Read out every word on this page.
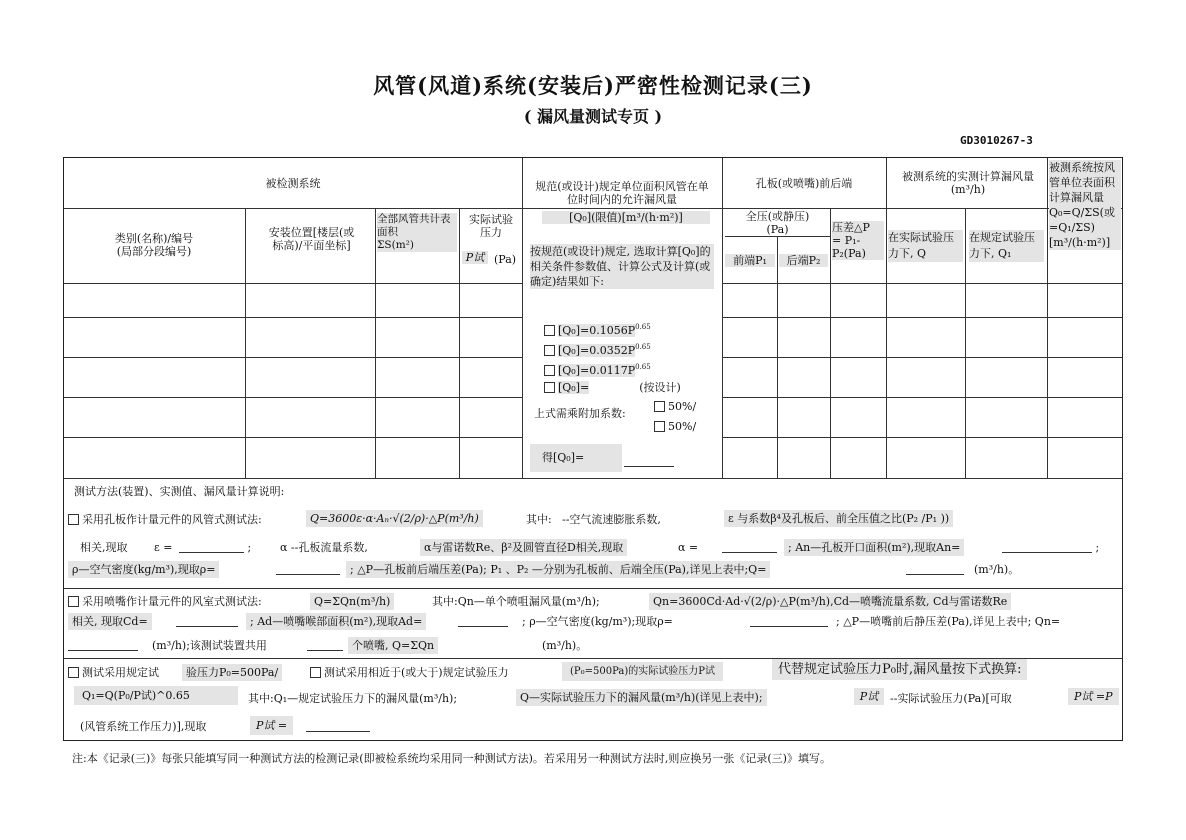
风管(风道)系统(安装后)严密性检测记录(三)
( 漏风量测试专页 )
GD3010267-3
被检测系统
类别(名称)/编号
(局部分段编号)
安装位置[楼层(或标高)/平面坐标]
全部风管共计表面积
ΣS(m²)
实际试验压力
P试 (Pa)
规范(或设计)规定单位面积风管在单位时间内的允许漏风量
[Q₀](限值)[m³/(h·m²)]
按规范(或设计)规定, 选取计算[Q₀]的相关条件参数值、计算公式及计算(或确定)结果如下:
$[Q_0]=0.1056P^{0.65}$
$[Q_0]=0.0352P^{0.65}$
$[Q_0]=0.0117P^{0.65}$
[Q₀]=	(按设计)
上式需乘附加系数:
50%/
50%/
得[Q₀]=
孔板(或喷嘴)前后端
全压(或静压)
(Pa)
前端P₁	后端P₂
压差△P
= P₁-P₂(Pa)
被测系统的实测计算漏风量(m³/h)
在实际试验压力下, Q
在规定试验压力下, Q₁
被测系统按风管单位表面积计算漏风量Q₀=Q/ΣS(或=Q₁/ΣS)[m³/(h·m²)]
测试方法(装置)、实测值、漏风量计算说明:
采用孔板作计量元件的风管式测试法:	Q=3600ε·α·Aₙ·√(2/ρ)·△P(m³/h)	其中: --空气流速膨胀系数,	ε 与系数β⁴及孔板后、前全压值之比(P₂ /P₁ ))
相关,现取 ε =	;	α --孔板流量系数,	α与雷诺数Re、β²及圆管直径D相关,现取	α =	; An—孔板开口面积(m²),现取An=	;
ρ—空气密度(kg/m³),现取ρ=	; △P—孔板前后端压差(Pa); P₁ 、P₂ —分别为孔板前、后端全压(Pa),详见上表中;Q=	(m³/h)。
采用喷嘴作计量元件的风室式测试法:	Q=ΣQn(m³/h)	其中:Qn—单个喷咀漏风量(m³/h);	Qn=3600Cd·Ad·√(2/ρ)·△P(m³/h),Cd—喷嘴流量系数, Cd与雷诺数Re
相关, 现取Cd=	; Ad—喷嘴喉部面积(m²),现取Ad=	; ρ—空气密度(kg/m³);现取ρ=	; △P—喷嘴前后静压差(Pa),详见上表中; Qn=
(m³/h);该测试装置共用	个喷嘴, Q=ΣQn	(m³/h)。
测试采用规定试	验压力P₀=500Pa/	测试采用相近于(或大于)规定试验压力	(P₀=500Pa)的实际试验压力P试	代替规定试验压力P₀时,漏风量按下式换算:
Q₁=Q(P₀/P试)^0.65	其中:Q₁—规定试验压力下的漏风量(m³/h);	Q—实际试验压力下的漏风量(m³/h)(详见上表中);	P试	--实际试验压力(Pa)[可取	P试 =P
(风管系统工作压力)],现取	P试 =
注:本《记录(三)》每张只能填写同一种测试方法的检测记录(即被检系统均采用同一种测试方法)。若采用另一种测试方法时,则应换另一张《记录(三)》填写。
